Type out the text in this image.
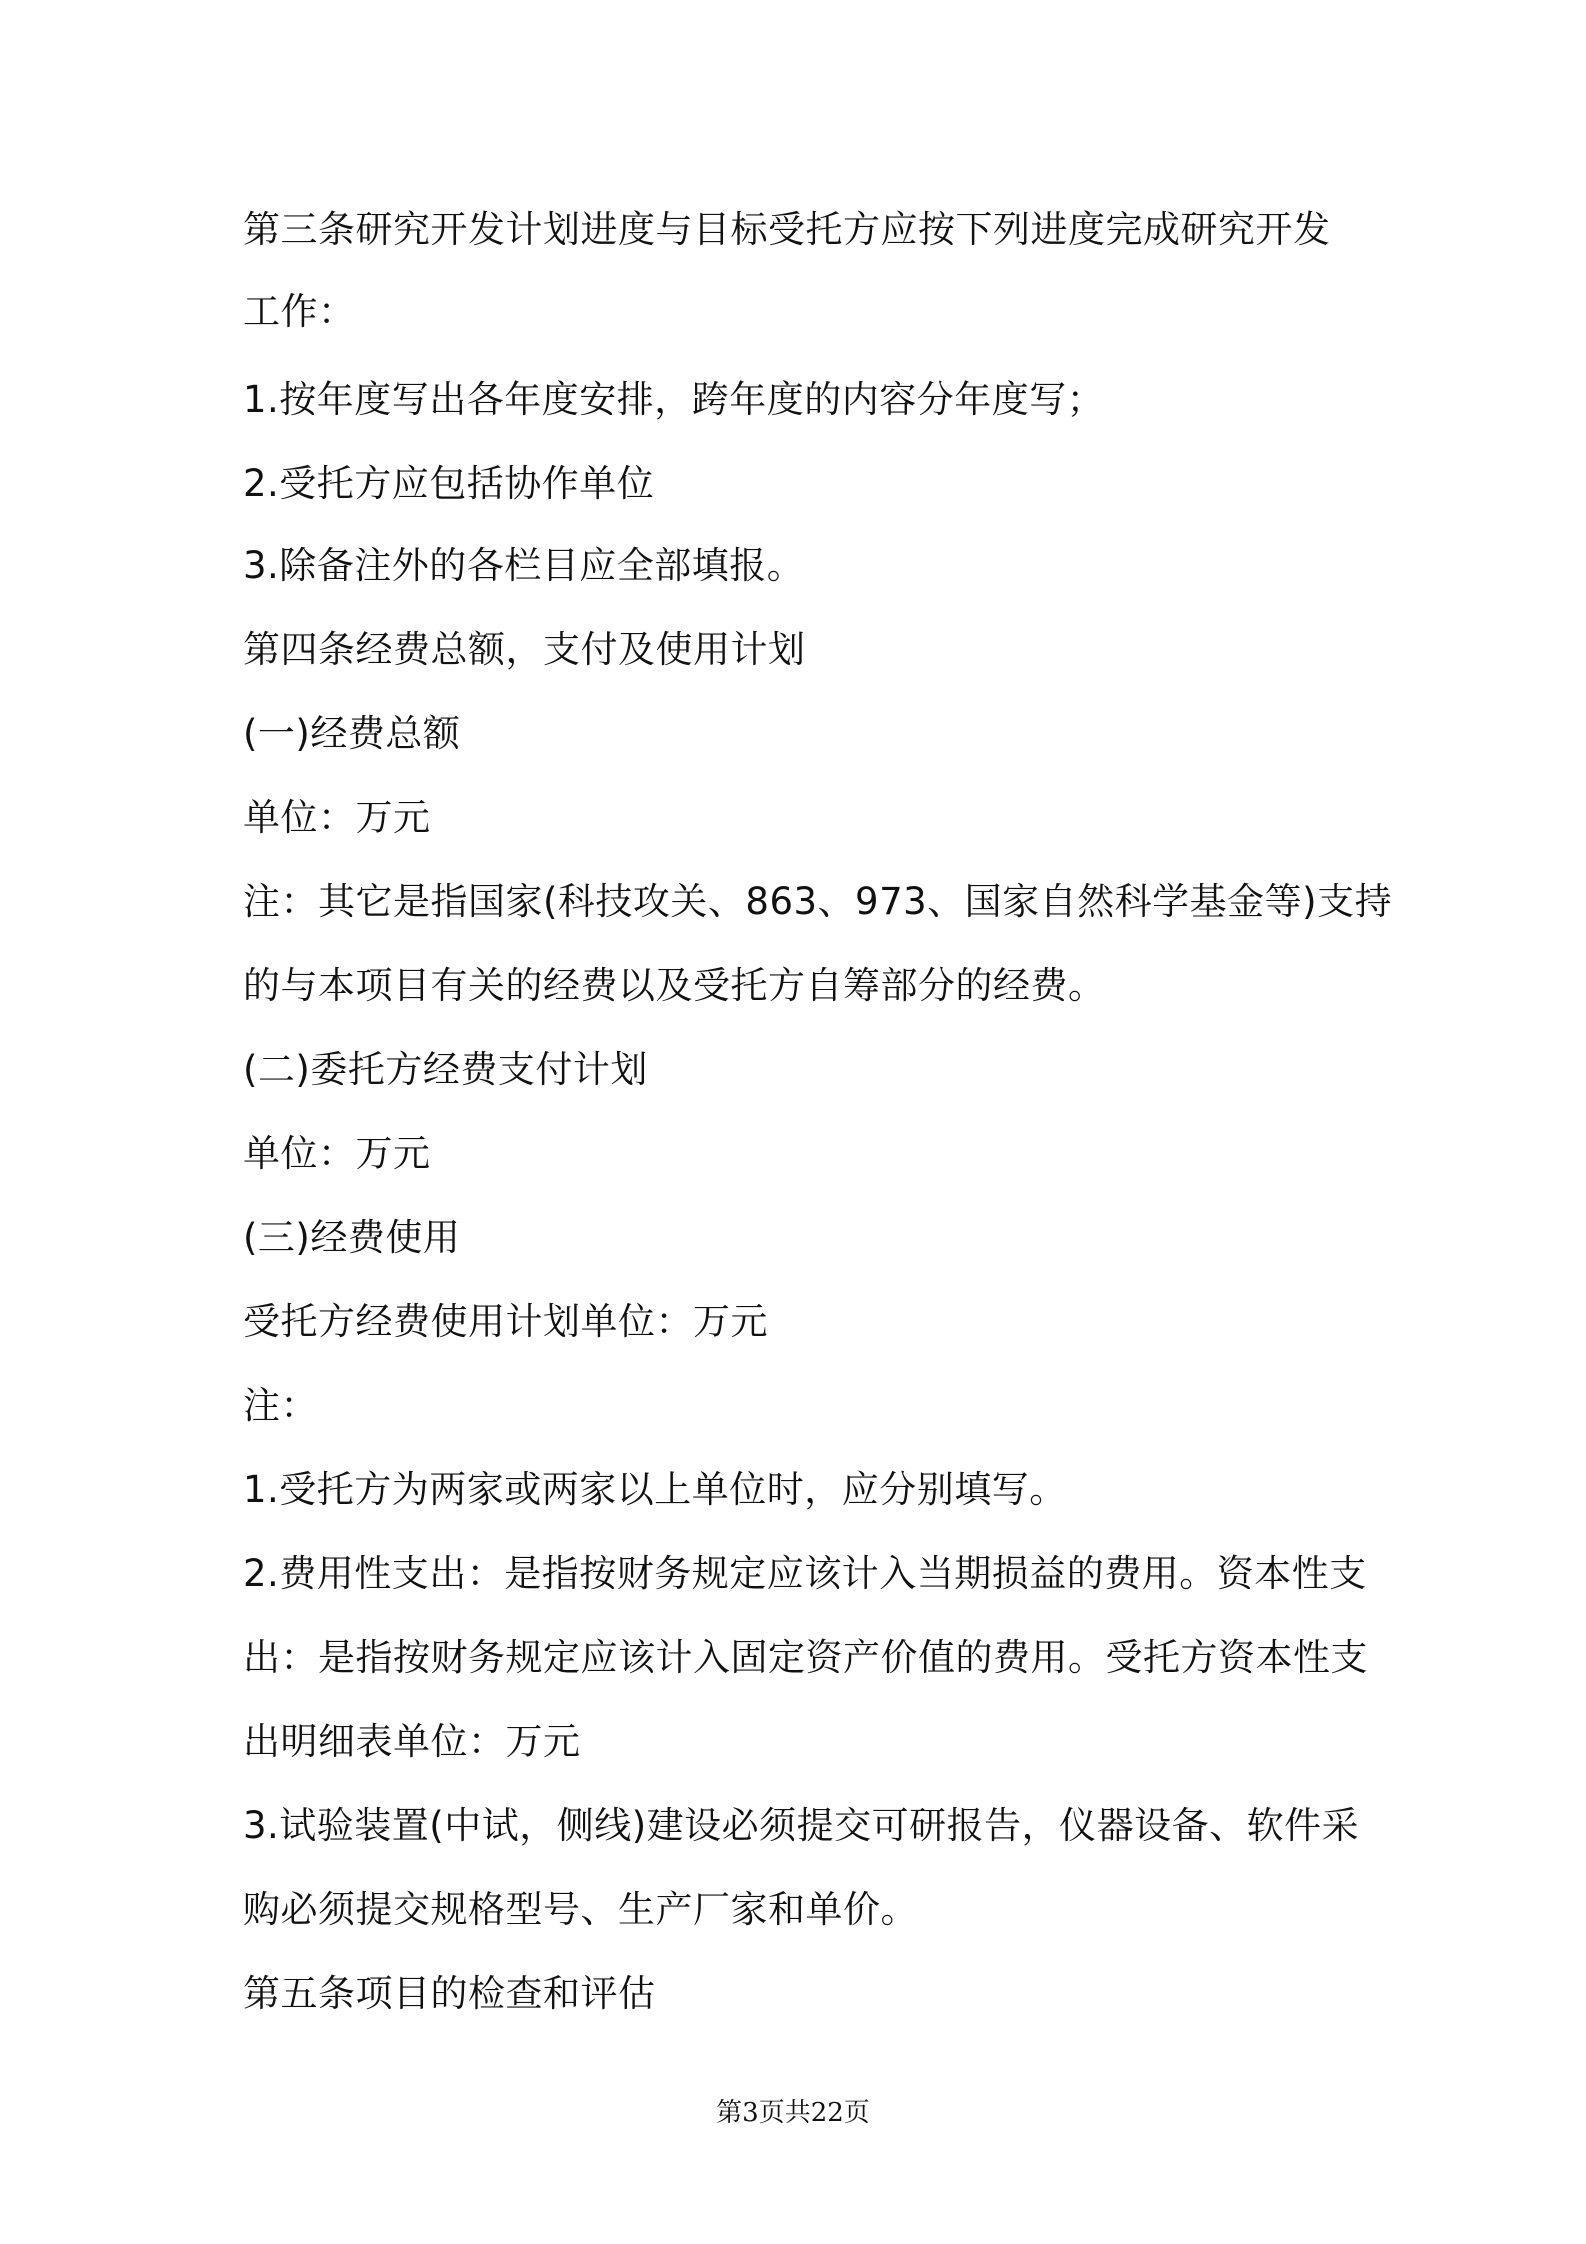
第三条研究开发计划进度与目标受托方应按下列进度完成研究开发
工作：
1.按年度写出各年度安排，跨年度的内容分年度写；
2.受托方应包括协作单位
3.除备注外的各栏目应全部填报。
第四条经费总额，支付及使用计划
(一)经费总额
单位：万元
注：其它是指国家(科技攻关、863、973、国家自然科学基金等)支持
的与本项目有关的经费以及受托方自筹部分的经费。
(二)委托方经费支付计划
单位：万元
(三)经费使用
受托方经费使用计划单位：万元
注：
1.受托方为两家或两家以上单位时，应分别填写。
2.费用性支出：是指按财务规定应该计入当期损益的费用。资本性支
出：是指按财务规定应该计入固定资产价值的费用。受托方资本性支
出明细表单位：万元
3.试验装置(中试，侧线)建设必须提交可研报告，仪器设备、软件采
购必须提交规格型号、生产厂家和单价。
第五条项目的检查和评估
第3页共22页
